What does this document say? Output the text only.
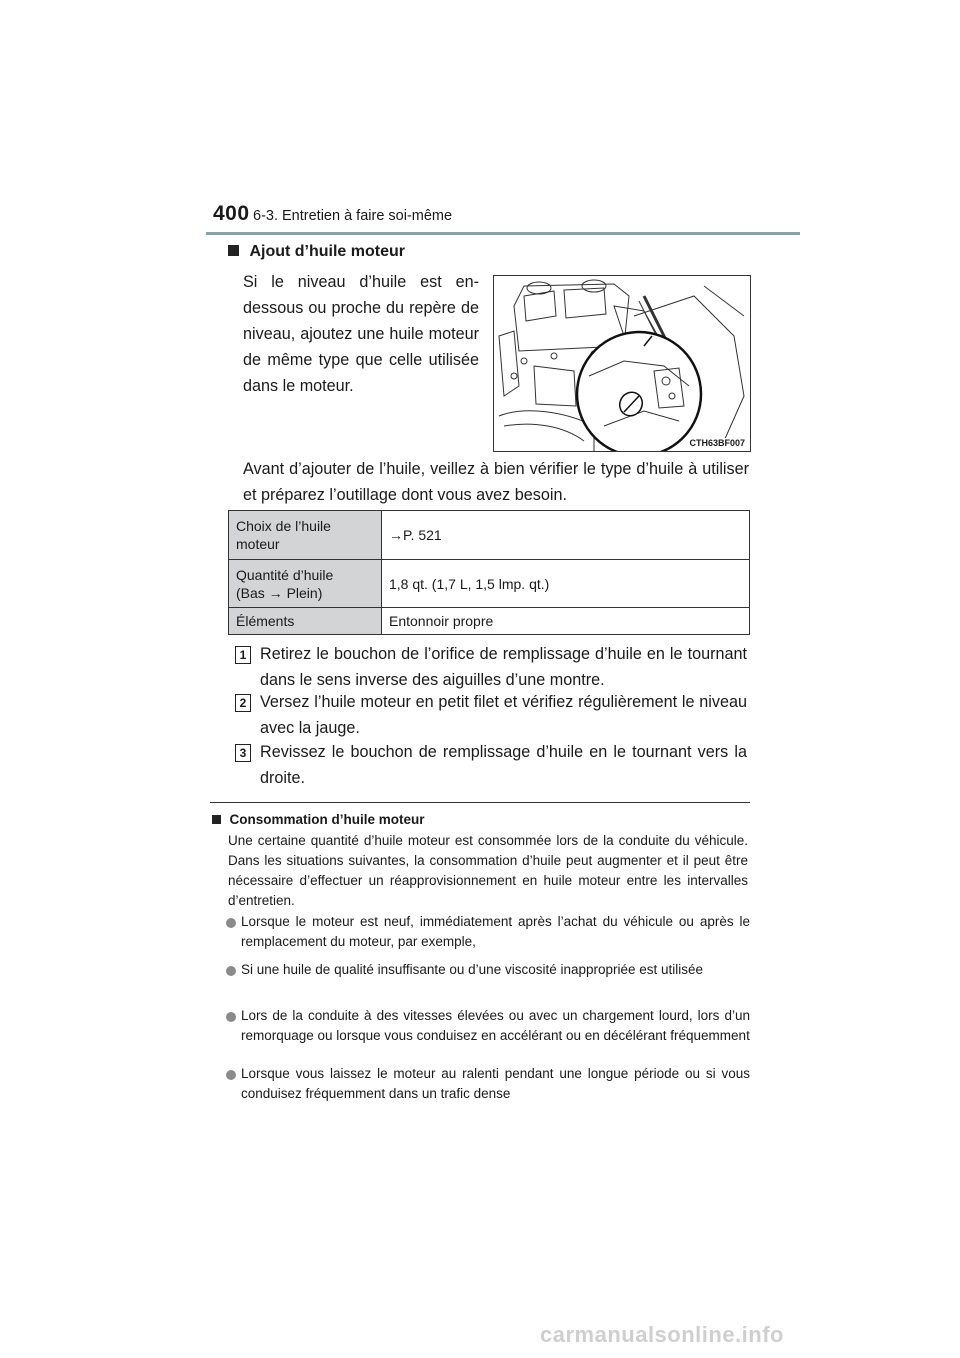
400 6-3. Entretien à faire soi-même
Ajout d’huile moteur
Si le niveau d’huile est en-dessous ou proche du repère de niveau, ajoutez une huile moteur de même type que celle utilisée dans le moteur.
CTH63BF007
Avant d’ajouter de l’huile, veillez à bien vérifier le type d’huile à utiliser et préparez l’outillage dont vous avez besoin.
Choix de l’huile
moteur	→P. 521

Quantité d’huile
(Bas → Plein)	1,8 qt. (1,7 L, 1,5 lmp. qt.)

Éléments	Entonnoir propre
1 Retirez le bouchon de l’orifice de remplissage d’huile en le tournant dans le sens inverse des aiguilles d’une montre.
2 Versez l’huile moteur en petit filet et vérifiez régulièrement le niveau avec la jauge.
3 Revissez le bouchon de remplissage d’huile en le tournant vers la droite.
Consommation d’huile moteur
Une certaine quantité d’huile moteur est consommée lors de la conduite du véhicule. Dans les situations suivantes, la consommation d’huile peut augmenter et il peut être nécessaire d’effectuer un réapprovisionnement en huile moteur entre les intervalles d’entretien.
Lorsque le moteur est neuf, immédiatement après l’achat du véhicule ou après le remplacement du moteur, par exemple,
Si une huile de qualité insuffisante ou d’une viscosité inappropriée est utilisée
Lors de la conduite à des vitesses élevées ou avec un chargement lourd, lors d’un remorquage ou lorsque vous conduisez en accélérant ou en décélérant fréquemment
Lorsque vous laissez le moteur au ralenti pendant une longue période ou si vous conduisez fréquemment dans un trafic dense
carmanualsonline.info
